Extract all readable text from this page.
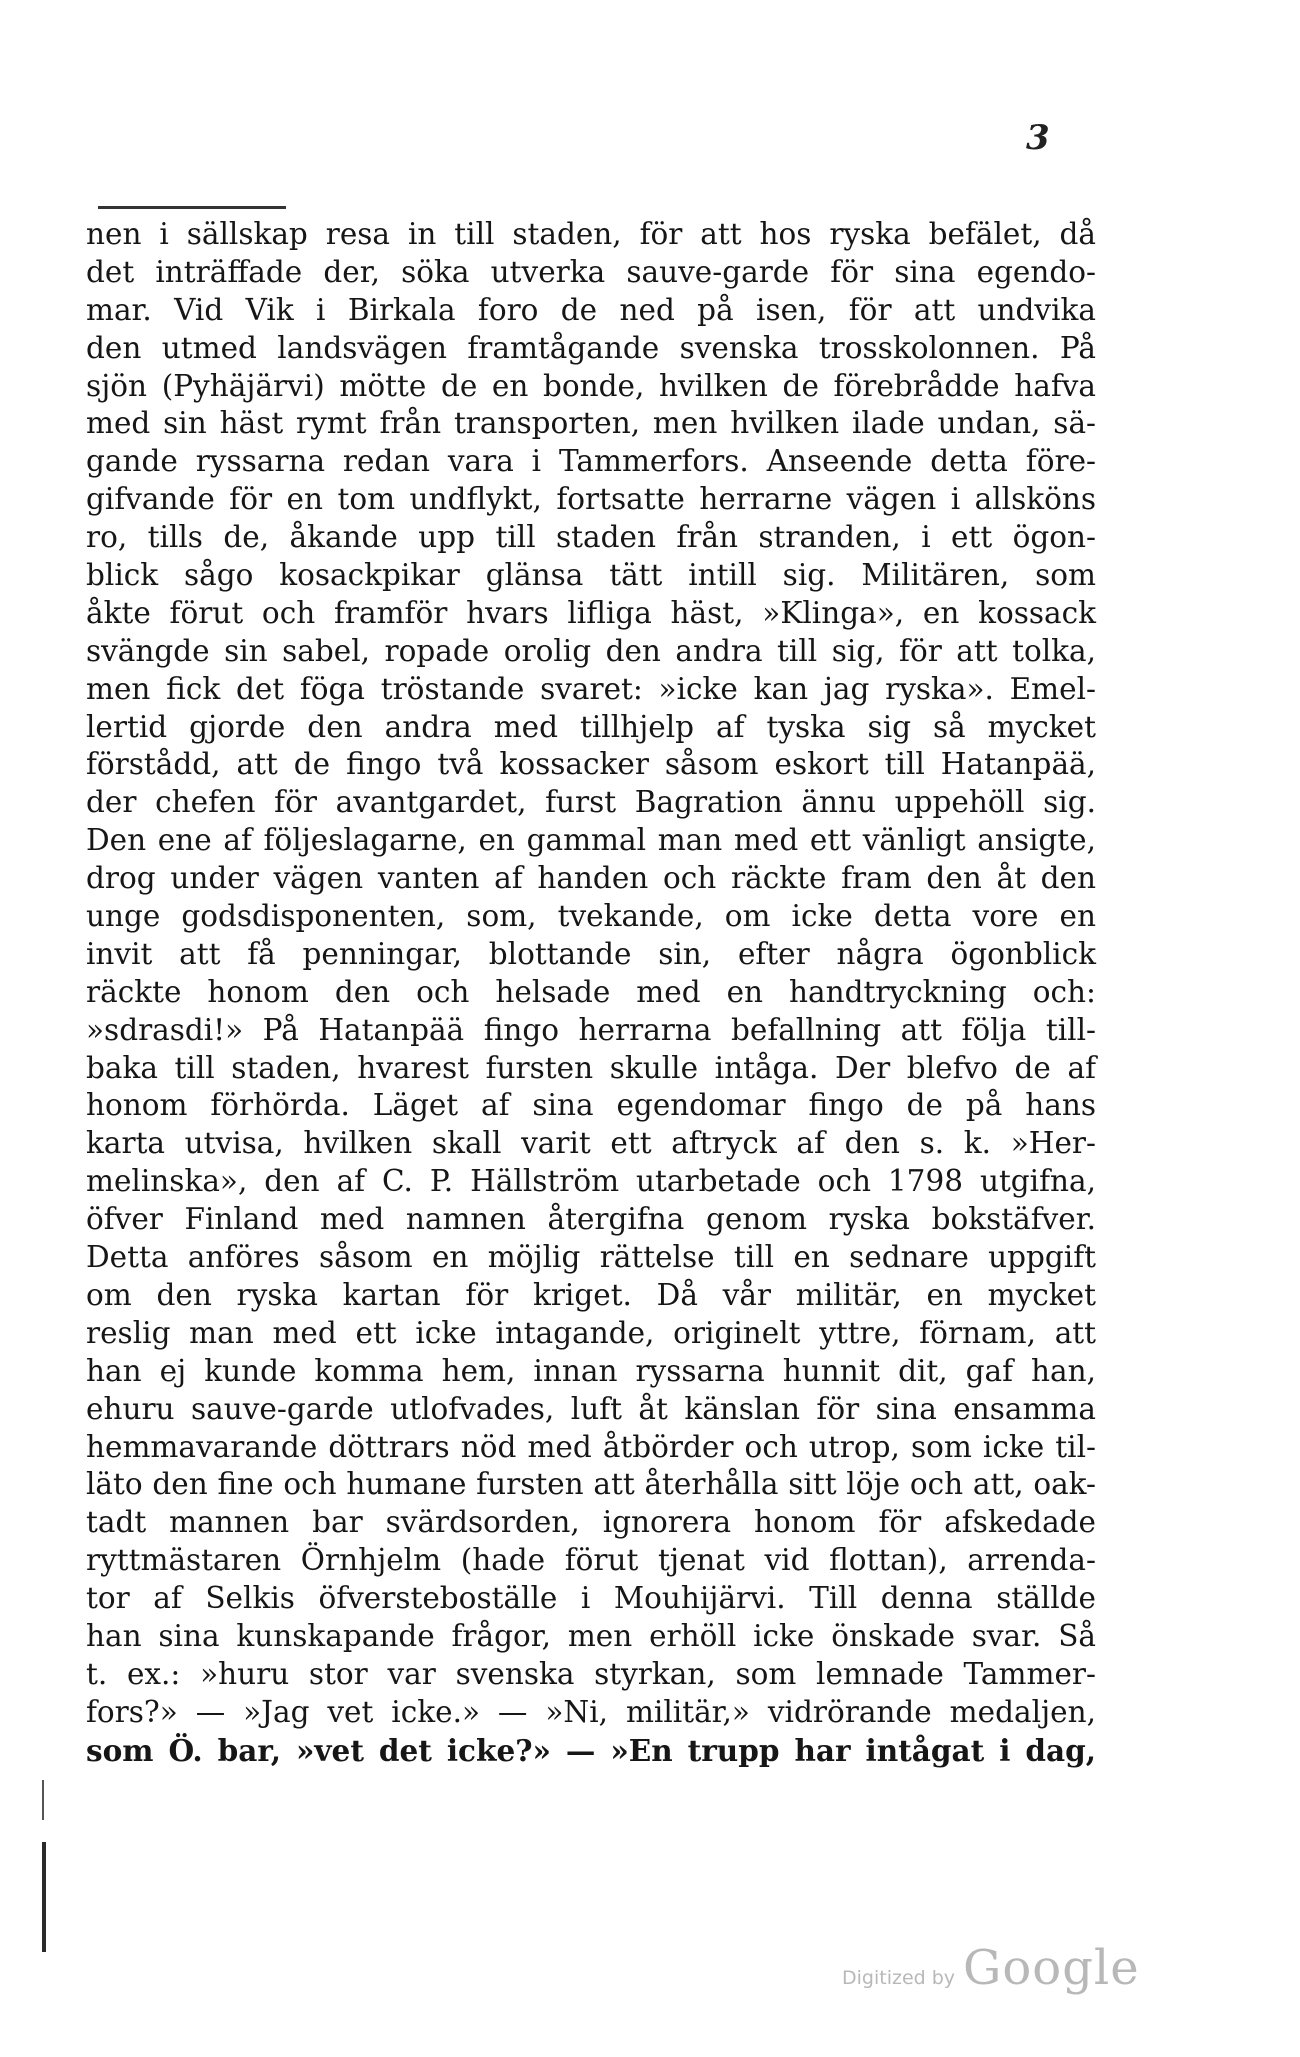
3
nen i sällskap resa in till staden, för att hos ryska befälet, då
det inträffade der, söka utverka sauve-garde för sina egendo-
mar. Vid Vik i Birkala foro de ned på isen, för att undvika
den utmed landsvägen framtågande svenska trosskolonnen. På
sjön (Pyhäjärvi) mötte de en bonde, hvilken de förebrådde hafva
med sin häst rymt från transporten, men hvilken ilade undan, sä-
gande ryssarna redan vara i Tammerfors. Anseende detta före-
gifvande för en tom undflykt, fortsatte herrarne vägen i allsköns
ro, tills de, åkande upp till staden från stranden, i ett ögon-
blick sågo kosackpikar glänsa tätt intill sig. Militären, som
åkte förut och framför hvars lifliga häst, »Klinga», en kossack
svängde sin sabel, ropade orolig den andra till sig, för att tolka,
men fick det föga tröstande svaret: »icke kan jag ryska». Emel-
lertid gjorde den andra med tillhjelp af tyska sig så mycket
förstådd, att de fingo två kossacker såsom eskort till Hatanpää,
der chefen för avantgardet, furst Bagration ännu uppehöll sig.
Den ene af följeslagarne, en gammal man med ett vänligt ansigte,
drog under vägen vanten af handen och räckte fram den åt den
unge godsdisponenten, som, tvekande, om icke detta vore en
invit att få penningar, blottande sin, efter några ögonblick
räckte honom den och helsade med en handtryckning och:
»sdrasdi!» På Hatanpää fingo herrarna befallning att följa till-
baka till staden, hvarest fursten skulle intåga. Der blefvo de af
honom förhörda. Läget af sina egendomar fingo de på hans
karta utvisa, hvilken skall varit ett aftryck af den s. k. »Her-
melinska», den af C. P. Hällström utarbetade och 1798 utgifna,
öfver Finland med namnen återgifna genom ryska bokstäfver.
Detta anföres såsom en möjlig rättelse till en sednare uppgift
om den ryska kartan för kriget. Då vår militär, en mycket
reslig man med ett icke intagande, originelt yttre, förnam, att
han ej kunde komma hem, innan ryssarna hunnit dit, gaf han,
ehuru sauve-garde utlofvades, luft åt känslan för sina ensamma
hemmavarande döttrars nöd med åtbörder och utrop, som icke til-
läto den fine och humane fursten att återhålla sitt löje och att, oak-
tadt mannen bar svärdsorden, ignorera honom för afskedade
ryttmästaren Örnhjelm (hade förut tjenat vid flottan), arrenda-
tor af Selkis öfversteboställe i Mouhijärvi. Till denna ställde
han sina kunskapande frågor, men erhöll icke önskade svar. Så
t. ex.: »huru stor var svenska styrkan, som lemnade Tammer-
fors?» — »Jag vet icke.» — »Ni, militär,» vidrörande medaljen,
som Ö. bar, »vet det icke?» — »En trupp har intågat i dag,
Digitized by Google
